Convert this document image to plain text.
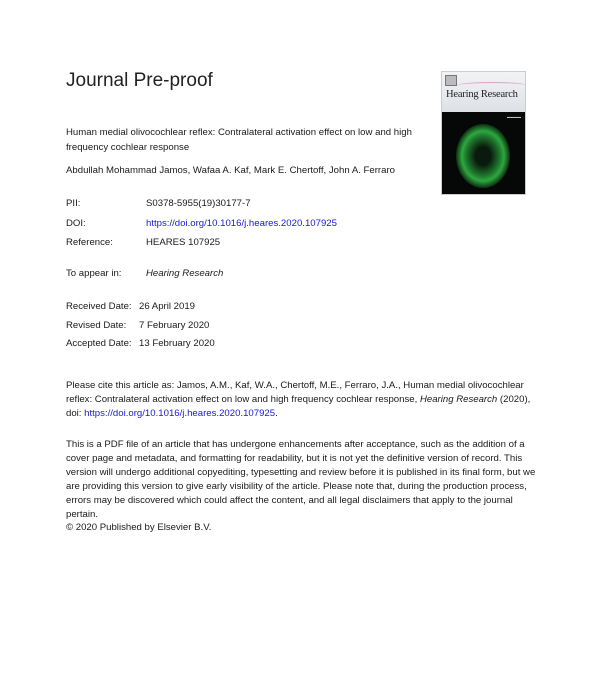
Journal Pre-proof
Hearing Research
▬▬▬▬
Human medial olivocochlear reflex: Contralateral activation effect on low and high frequency cochlear response
Abdullah Mohammad Jamos, Wafaa A. Kaf, Mark E. Chertoff, John A. Ferraro
PII:	S0378-5955(19)30177-7
DOI:	https://doi.org/10.1016/j.heares.2020.107925
Reference:	HEARES 107925
To appear in:	Hearing Research
Received Date: 26 April 2019
Revised Date: 7 February 2020
Accepted Date: 13 February 2020
Please cite this article as: Jamos, A.M., Kaf, W.A., Chertoff, M.E., Ferraro, J.A., Human medial olivocochlear reflex: Contralateral activation effect on low and high frequency cochlear response, Hearing Research (2020), doi: https://doi.org/10.1016/j.heares.2020.107925.
This is a PDF file of an article that has undergone enhancements after acceptance, such as the addition of a cover page and metadata, and formatting for readability, but it is not yet the definitive version of record. This version will undergo additional copyediting, typesetting and review before it is published in its final form, but we are providing this version to give early visibility of the article. Please note that, during the production process, errors may be discovered which could affect the content, and all legal disclaimers that apply to the journal pertain.
© 2020 Published by Elsevier B.V.
